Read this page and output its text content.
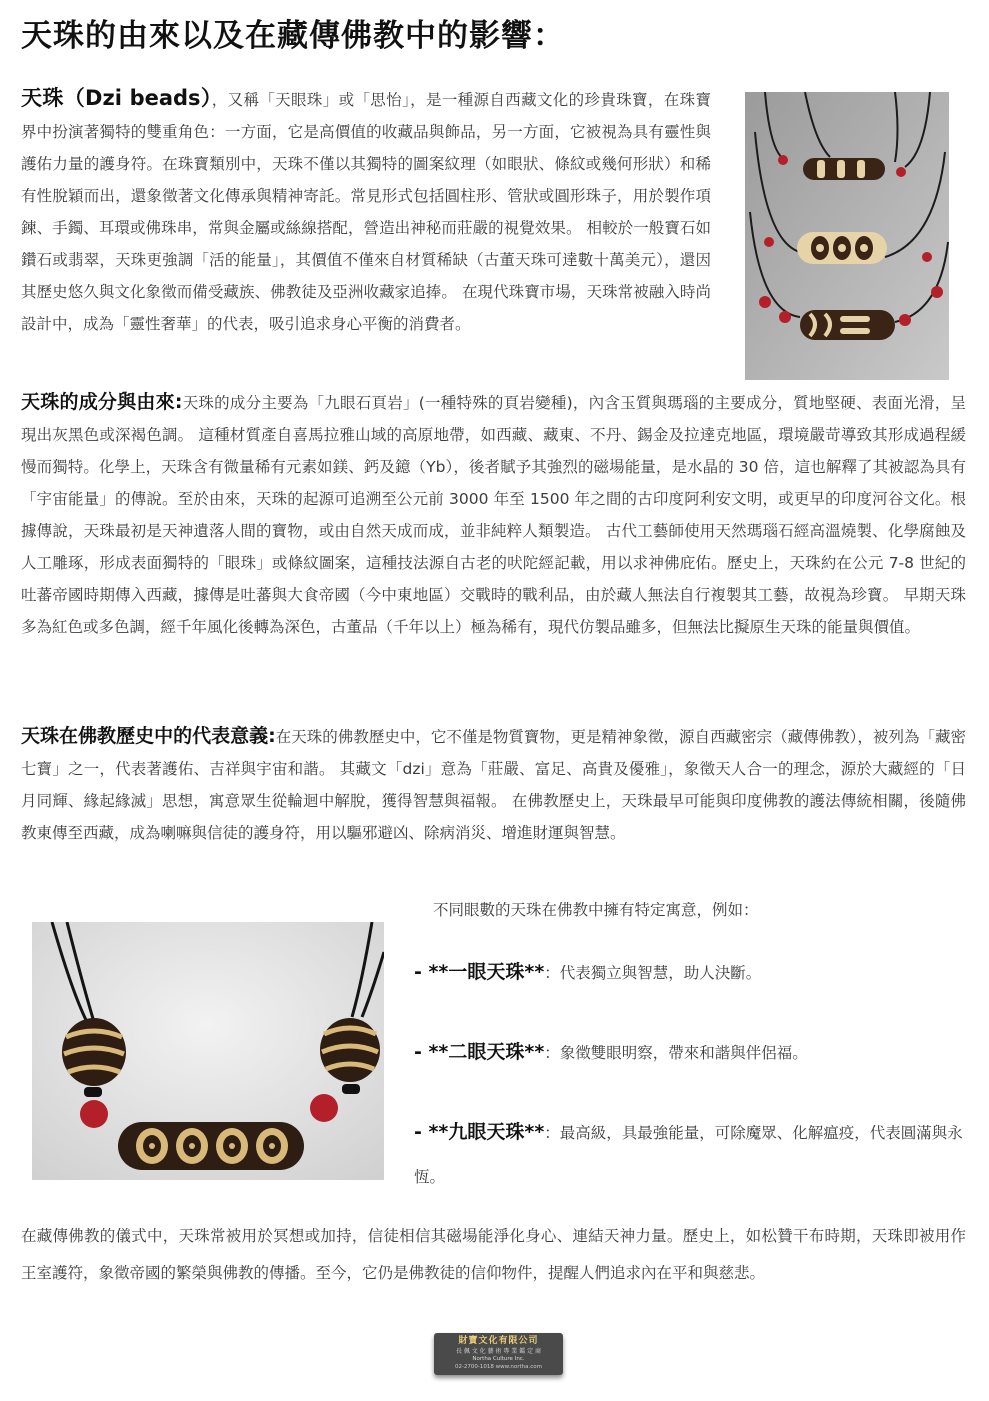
天珠的由來以及在藏傳佛教中的影響：
天珠（Dzi beads），又稱「天眼珠」或「思怡」，是一種源自西藏文化的珍貴珠寶，在珠寶界中扮演著獨特的雙重角色：一方面，它是高價值的收藏品與飾品，另一方面，它被視為具有靈性與護佑力量的護身符。在珠寶類別中，天珠不僅以其獨特的圖案紋理（如眼狀、條紋或幾何形狀）和稀有性脫穎而出，還象徵著文化傳承與精神寄託。常見形式包括圓柱形、管狀或圓形珠子，用於製作項鍊、手鐲、耳環或佛珠串，常與金屬或絲線搭配，營造出神秘而莊嚴的視覺效果。 相較於一般寶石如鑽石或翡翠，天珠更強調「活的能量」，其價值不僅來自材質稀缺（古董天珠可達數十萬美元），還因其歷史悠久與文化象徵而備受藏族、佛教徒及亞洲收藏家追捧。 在現代珠寶市場，天珠常被融入時尚設計中，成為「靈性奢華」的代表，吸引追求身心平衡的消費者。
天珠的成分與由來:天珠的成分主要為「九眼石頁岩」(一種特殊的頁岩變種)，內含玉質與瑪瑙的主要成分，質地堅硬、表面光滑，呈現出灰黑色或深褐色調。 這種材質產自喜馬拉雅山域的高原地帶，如西藏、藏東、不丹、錫金及拉達克地區，環境嚴苛導致其形成過程緩慢而獨特。化學上，天珠含有微量稀有元素如鎂、鈣及鐿（Yb），後者賦予其強烈的磁場能量，是水晶的 30 倍，這也解釋了其被認為具有「宇宙能量」的傳說。至於由來，天珠的起源可追溯至公元前 3000 年至 1500 年之間的古印度阿利安文明，或更早的印度河谷文化。根據傳說，天珠最初是天神遺落人間的寶物，或由自然天成而成，並非純粹人類製造。 古代工藝師使用天然瑪瑙石經高溫燒製、化學腐蝕及人工雕琢，形成表面獨特的「眼珠」或條紋圖案，這種技法源自古老的吠陀經記載，用以求神佛庇佑。歷史上，天珠約在公元 7-8 世紀的吐蕃帝國時期傳入西藏，據傳是吐蕃與大食帝國（今中東地區）交戰時的戰利品，由於藏人無法自行複製其工藝，故視為珍寶。 早期天珠多為紅色或多色調，經千年風化後轉為深色，古董品（千年以上）極為稀有，現代仿製品雖多，但無法比擬原生天珠的能量與價值。
天珠在佛教歷史中的代表意義:在天珠的佛教歷史中，它不僅是物質寶物，更是精神象徵，源自西藏密宗（藏傳佛教），被列為「藏密七寶」之一，代表著護佑、吉祥與宇宙和諧。 其藏文「dzi」意為「莊嚴、富足、高貴及優雅」，象徵天人合一的理念，源於大藏經的「日月同輝、緣起緣滅」思想，寓意眾生從輪迴中解脫，獲得智慧與福報。 在佛教歷史上，天珠最早可能與印度佛教的護法傳統相關，後隨佛教東傳至西藏，成為喇嘛與信徒的護身符，用以驅邪避凶、除病消災、增進財運與智慧。
不同眼數的天珠在佛教中擁有特定寓意，例如：
- **一眼天珠**：代表獨立與智慧，助人決斷。
- **二眼天珠**：象徵雙眼明察，帶來和諧與伴侶福。
- **九眼天珠**：最高級，具最強能量，可除魔眾、化解瘟疫，代表圓滿與永恆。
在藏傳佛教的儀式中，天珠常被用於冥想或加持，信徒相信其磁場能淨化身心、連結天神力量。歷史上，如松贊干布時期，天珠即被用作王室護符，象徵帝國的繁榮與佛教的傳播。至今，它仍是佛教徒的信仰物件，提醒人們追求內在平和與慈悲。
財寶文化有限公司
長 佩 文 化 藝 術 專 業 鑑 定 商
Northa Culture Inc.
02-2700-1018 www.northa.com
